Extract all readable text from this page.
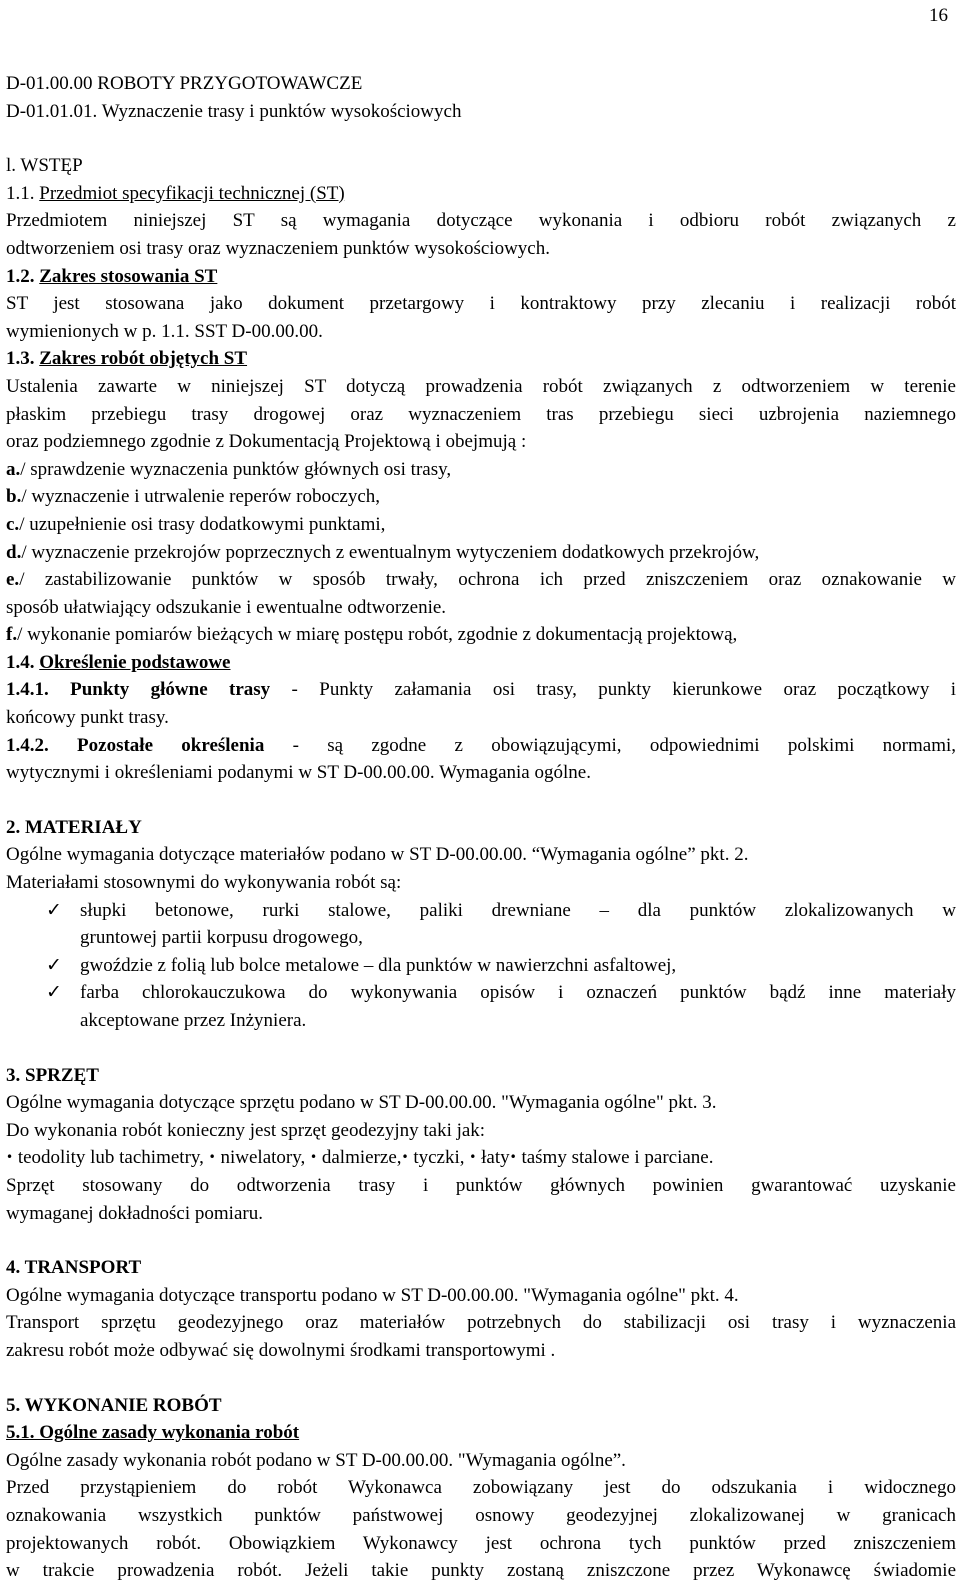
16
D-01.00.00 ROBOTY PRZYGOTOWAWCZE
D-01.01.01. Wyznaczenie trasy i punktów wysokościowych
l. WSTĘP
1.1. Przedmiot specyfikacji technicznej (ST)
Przedmiotem niniejszej ST są wymagania dotyczące wykonania i odbioru robót związanych z
odtworzeniem osi trasy oraz wyznaczeniem punktów wysokościowych.
1.2. Zakres stosowania ST
ST jest stosowana jako dokument przetargowy i kontraktowy przy zlecaniu i realizacji robót
wymienionych w p. 1.1. SST D-00.00.00.
1.3. Zakres robót objętych ST
Ustalenia zawarte w niniejszej ST dotyczą prowadzenia robót związanych z odtworzeniem w terenie
płaskim przebiegu trasy drogowej oraz wyznaczeniem tras przebiegu sieci uzbrojenia naziemnego
oraz podziemnego zgodnie z Dokumentacją Projektową i obejmują :
a./ sprawdzenie wyznaczenia punktów głównych osi trasy,
b./ wyznaczenie i utrwalenie reperów roboczych,
c./ uzupełnienie osi trasy dodatkowymi punktami,
d./ wyznaczenie przekrojów poprzecznych z ewentualnym wytyczeniem dodatkowych przekrojów,
e./ zastabilizowanie punktów w sposób trwały, ochrona ich przed zniszczeniem oraz oznakowanie w
sposób ułatwiający odszukanie i ewentualne odtworzenie.
f./ wykonanie pomiarów bieżących w miarę postępu robót, zgodnie z dokumentacją projektową,
1.4. Określenie podstawowe
1.4.1. Punkty główne trasy - Punkty załamania osi trasy, punkty kierunkowe oraz początkowy i
końcowy punkt trasy.
1.4.2. Pozostałe określenia - są zgodne z obowiązującymi, odpowiednimi polskimi normami,
wytycznymi i określeniami podanymi w ST D-00.00.00. Wymagania ogólne.
2. MATERIAŁY
Ogólne wymagania dotyczące materiałów podano w ST D-00.00.00. “Wymagania ogólne” pkt. 2.
Materiałami stosownymi do wykonywania robót są:
✓ słupki betonowe, rurki stalowe, paliki drewniane – dla punktów zlokalizowanych w
gruntowej partii korpusu drogowego,
✓ gwoździe z folią lub bolce metalowe – dla punktów w nawierzchni asfaltowej,
✓ farba chlorokauczukowa do wykonywania opisów i oznaczeń punktów bądź inne materiały
akceptowane przez Inżyniera.
3. SPRZĘT
Ogólne wymagania dotyczące sprzętu podano w ST D-00.00.00. "Wymagania ogólne" pkt. 3.
Do wykonania robót konieczny jest sprzęt geodezyjny taki jak:
• teodolity lub tachimetry, • niwelatory, • dalmierze,• tyczki, • łaty• taśmy stalowe i parciane.
Sprzęt stosowany do odtworzenia trasy i punktów głównych powinien gwarantować uzyskanie
wymaganej dokładności pomiaru.
4. TRANSPORT
Ogólne wymagania dotyczące transportu podano w ST D-00.00.00. "Wymagania ogólne" pkt. 4.
Transport sprzętu geodezyjnego oraz materiałów potrzebnych do stabilizacji osi trasy i wyznaczenia
zakresu robót może odbywać się dowolnymi środkami transportowymi .
5. WYKONANIE ROBÓT
5.1. Ogólne zasady wykonania robót
Ogólne zasady wykonania robót podano w ST D-00.00.00. "Wymagania ogólne”.
Przed przystąpieniem do robót Wykonawca zobowiązany jest do odszukania i widocznego
oznakowania wszystkich punktów państwowej osnowy geodezyjnej zlokalizowanej w granicach
projektowanych robót. Obowiązkiem Wykonawcy jest ochrona tych punktów przed zniszczeniem
w trakcie prowadzenia robót. Jeżeli takie punkty zostaną zniszczone przez Wykonawcę świadomie
